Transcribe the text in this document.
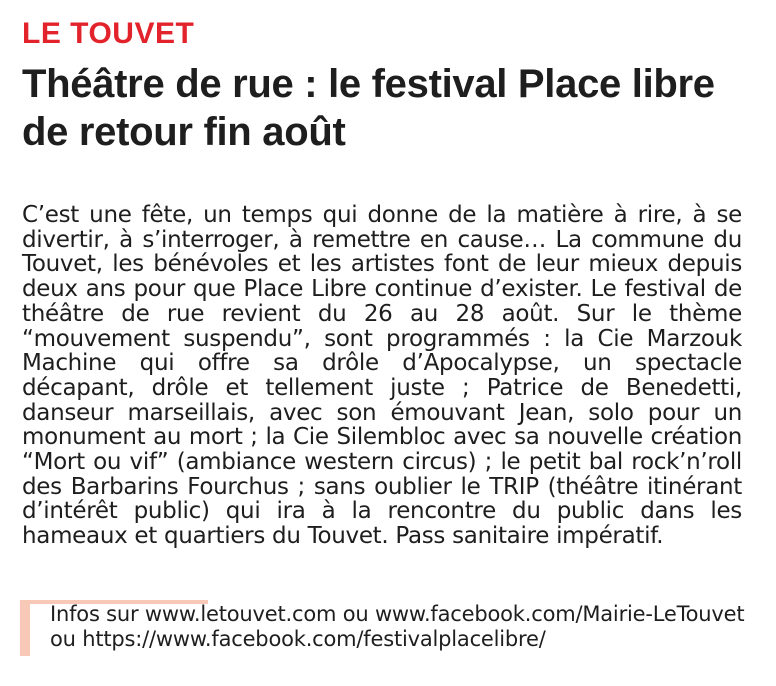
LE TOUVET
Théâtre de rue : le festival Place libre de retour fin août

C’est une fête, un temps qui donne de la matière à rire, à se divertir, à s’interroger, à remettre en cause… La commune du Touvet, les bénévoles et les artistes font de leur mieux depuis deux ans pour que Place Libre continue d’exister. Le festival de théâtre de rue revient du 26 au 28 août. Sur le thème “mouvement suspendu”, sont programmés : la Cie Marzouk Machine qui offre sa drôle d’Apocalypse, un spectacle décapant, drôle et tellement juste ; Patrice de Benedetti, danseur marseillais, avec son émouvant Jean, solo pour un monument au mort ; la Cie Silembloc avec sa nouvelle création “Mort ou vif” (ambiance western circus) ; le petit bal rock’n’roll des Barbarins Fourchus ; sans oublier le TRIP (théâtre itinérant d’intérêt public) qui ira à la rencontre du public dans les hameaux et quartiers du Touvet. Pass sanitaire impératif.

Infos sur www.letouvet.com ou www.facebook.com/Mairie-LeTouvet ou https://www.facebook.com/festivalplacelibre/
